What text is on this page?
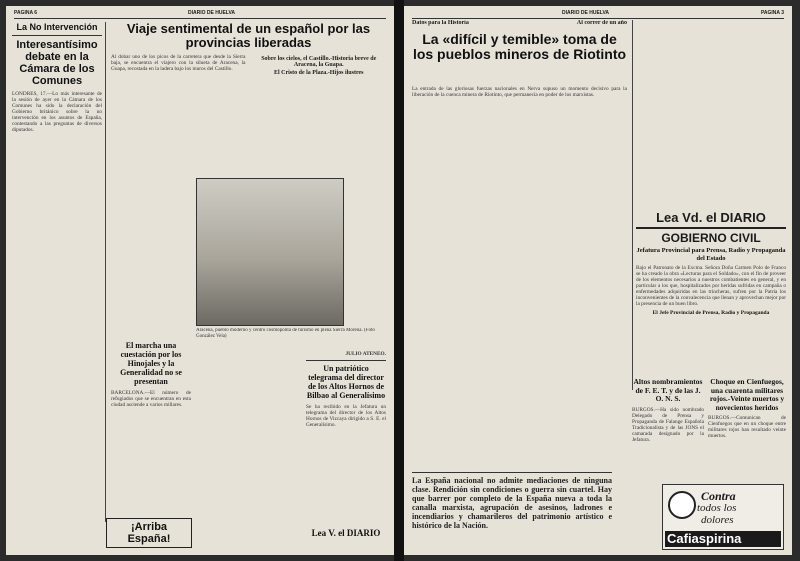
PAGINA 6	DIARIO DE HUELVA

La No Intervención

Interesantísimo debate en la Cámara de los Comunes

LONDRES, 17.—Lo más interesante de la sesión de ayer en la Cámara de los Comunes ha sido la declaración del Gobierno británico sobre la no intervención en los asuntos de España, contestando a las preguntas de diversos diputados.

El marcha una cuestación por los Hinojales y la Generalidad no se presentan

BARCELONA.—El número de refugiados que se encuentran en esta ciudad asciende a varios millares.

Viaje sentimental de un español por las provincias liberadas

Al dobar uno de los picos de la carretera que desde la Sierra baja, se encuentra el viajero con la silueta de Aracena, la Guapa, recostada en la ladera bajo los muros del Castillo.

Sobre los cielos, el Castillo.-Historia breve de Aracena, la Guapa.

El Cristo de la Plaza.-Hijos ilustres

Aracena, pueblo moderno y centro cosmopolita de turismo en plena Sierra Morena. (Foto González Vela)

JULIO ATENEO.

Un patriótico telegrama del director de los Altos Hornos de Bilbao al Generalísimo

Se ha recibido en la Jefatura un telegrama del director de los Altos Hornos de Vizcaya dirigido a S. E. el Generalísimo.

¡Arriba España!	Lea V. el DIARIO

DIARIO DE HUELVA	PAGINA 3
Datos para la Historia	Al correr de un año

La «difícil y temible» toma de los pueblos mineros de Riotinto

La entrada de las gloriosas fuerzas nacionales en Nerva supuso un momento decisivo para la liberación de la cuenca minera de Riotinto, que permanecía en poder de los marxistas.

La España nacional no admite mediaciones de ninguna clase. Rendición sin condiciones o guerra sin cuartel. Hay que barrer por completo de la España nueva a toda la canalla marxista, agrupación de asesinos, ladrones e incendiarios y chamarileros del patrimonio artístico e histórico de la Nación.

Lea Vd. el DIARIO

GOBIERNO CIVIL

Jefatura Provincial para Prensa, Radio y Propaganda del Estado

Bajo el Patronato de la Excma. Señora Doña Carmen Polo de Franco se ha creado la obra «Lecturas para el Soldado», con el fin de proveer de los elementos necesarios a nuestros combatientes en general, y en particular a los que, hospitalizados por heridas sufridas en campaña o enfermedades adquiridas en las trincheras, sufren por la Patria los inconvenientes de la convalecencia que llenan y aprovechan mejor por la presencia de un buen libro.

El Jefe Provincial de Prensa, Radio y Propaganda

Altos nombramientos de F. E. T. y de las J. O. N. S.

BURGOS.—Ha sido nombrado Delegado de Prensa y Propaganda de Falange Española Tradicionalista y de las JONS el camarada designado por la Jefatura.

Choque en Cienfuegos, una cuarenta militares rojos.-Veinte muertos y novecientos heridos

BURGOS.—Comunican de Cienfuegos que en un choque entre militares rojos han resultado veinte muertos.

Contra

todos los

dolores

Cafiaspirina
